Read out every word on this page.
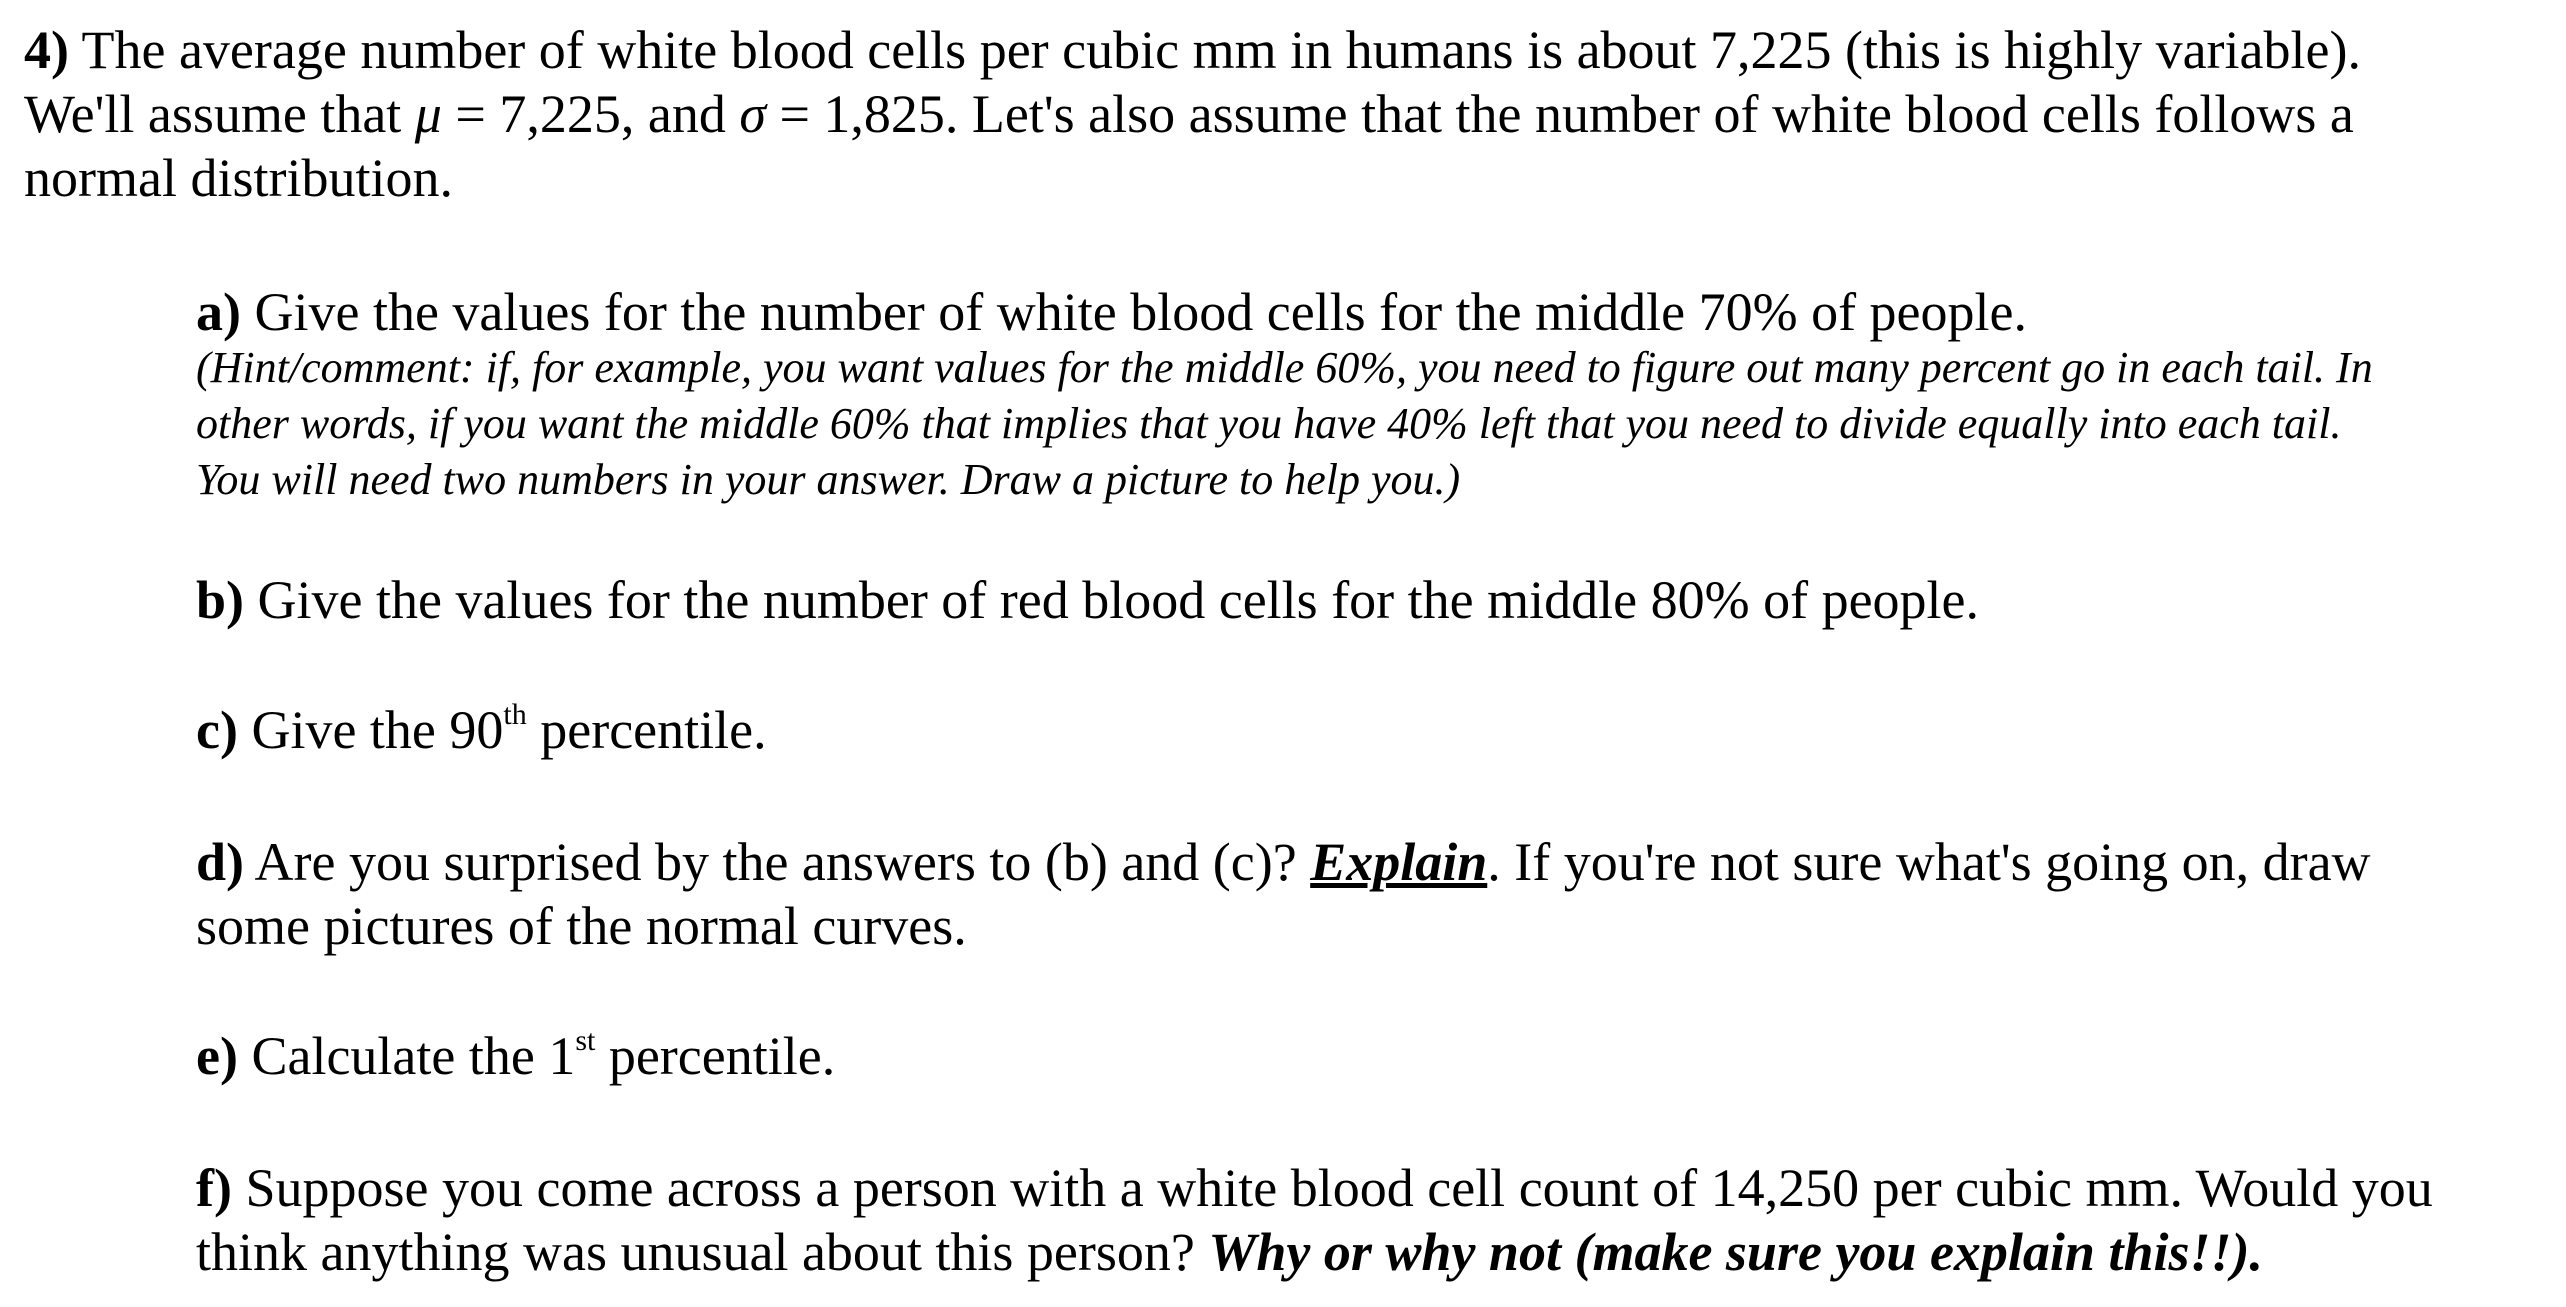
4) The average number of white blood cells per cubic mm in humans is about 7,225 (this is highly variable).
We'll assume that μ = 7,225, and σ = 1,825. Let's also assume that the number of white blood cells follows a
normal distribution.
a) Give the values for the number of white blood cells for the middle 70% of people.
(Hint/comment: if, for example, you want values for the middle 60%, you need to figure out many percent go in each tail. In
other words, if you want the middle 60% that implies that you have 40% left that you need to divide equally into each tail.
You will need two numbers in your answer. Draw a picture to help you.)
b) Give the values for the number of red blood cells for the middle 80% of people.
c) Give the 90th percentile.
d) Are you surprised by the answers to (b) and (c)? Explain. If you're not sure what's going on, draw
some pictures of the normal curves.
e) Calculate the 1st percentile.
f) Suppose you come across a person with a white blood cell count of 14,250 per cubic mm. Would you
think anything was unusual about this person? Why or why not (make sure you explain this!!).
